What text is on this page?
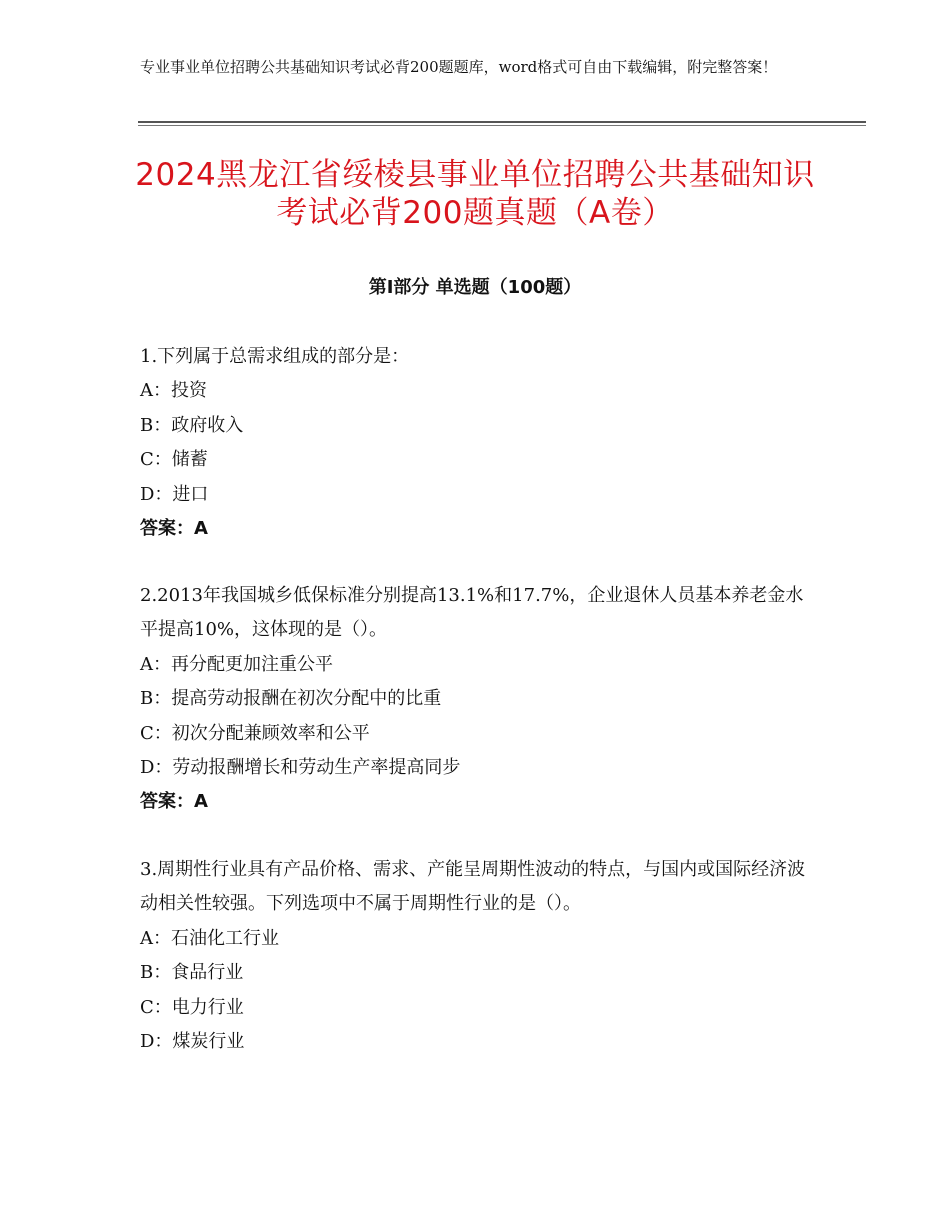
专业事业单位招聘公共基础知识考试必背200题题库，word格式可自由下载编辑，附完整答案！
2024黑龙江省绥棱县事业单位招聘公共基础知识考试必背200题真题（A卷）
第Ⅰ部分 单选题（100题）
1.下列属于总需求组成的部分是：
A：投资
B：政府收入
C：储蓄
D：进口
答案：A
2.2013年我国城乡低保标准分别提高13.1%和17.7%，企业退休人员基本养老金水平提高10%，这体现的是（）。
A：再分配更加注重公平
B：提高劳动报酬在初次分配中的比重
C：初次分配兼顾效率和公平
D：劳动报酬增长和劳动生产率提高同步
答案：A
3.周期性行业具有产品价格、需求、产能呈周期性波动的特点，与国内或国际经济波动相关性较强。下列选项中不属于周期性行业的是（）。
A：石油化工行业
B：食品行业
C：电力行业
D：煤炭行业
